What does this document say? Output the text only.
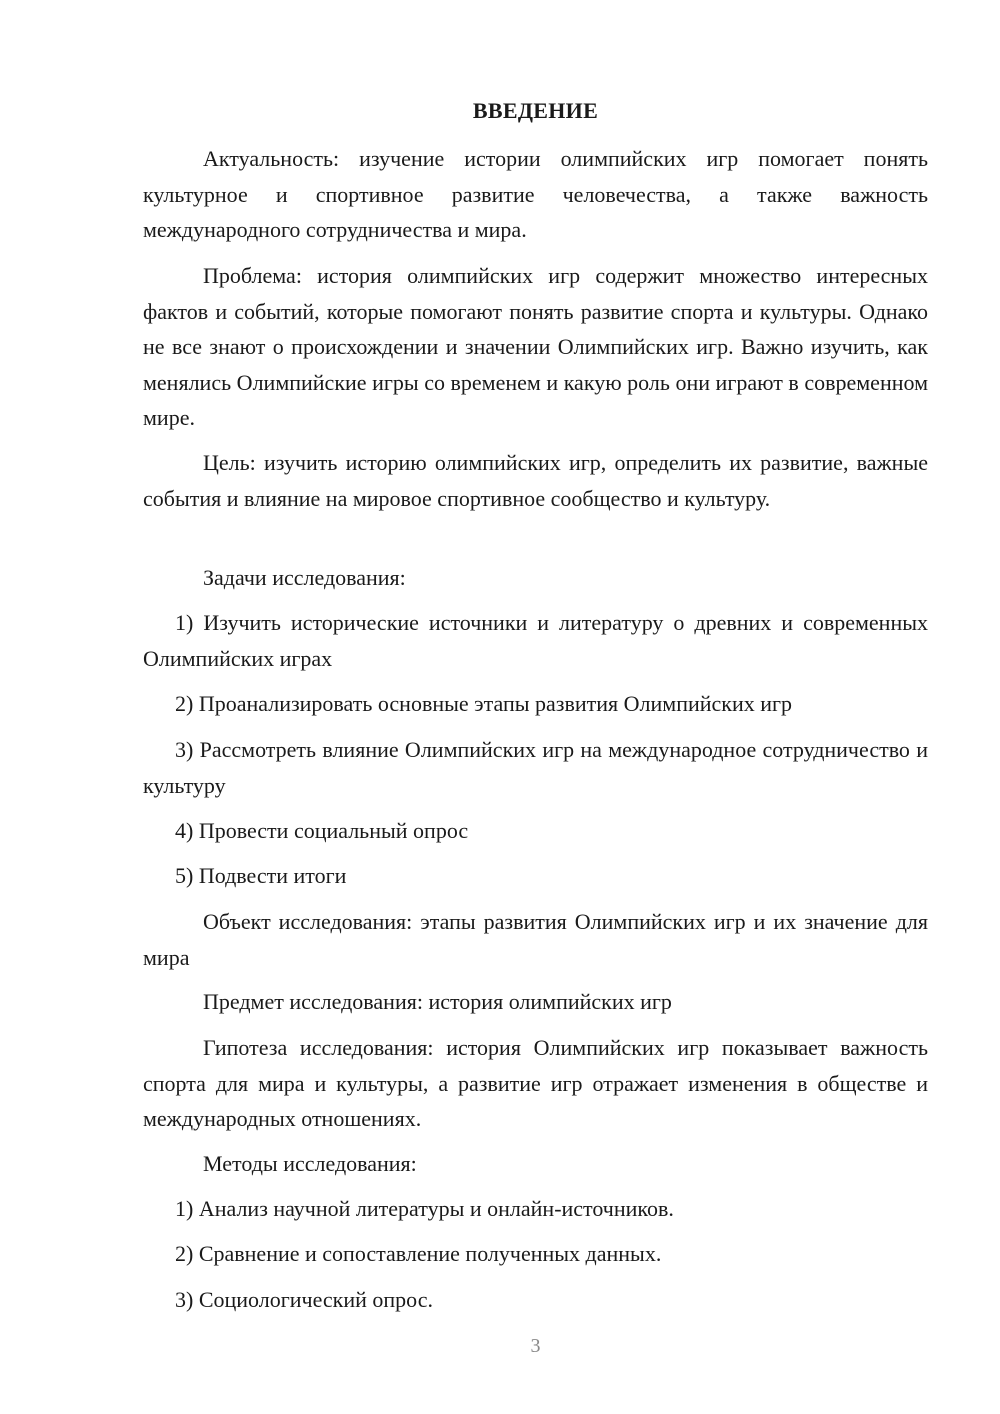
ВВЕДЕНИЕ

Актуальность: изучение истории олимпийских игр помогает понять культурное и спортивное развитие человечества, а также важность международного сотрудничества и мира.

Проблема: история олимпийских игр содержит множество интересных фактов и событий, которые помогают понять развитие спорта и культуры. Однако не все знают о происхождении и значении Олимпийских игр. Важно изучить, как менялись Олимпийские игры со временем и какую роль они играют в современном мире.

Цель: изучить историю олимпийских игр, определить их развитие, важные события и влияние на мировое спортивное сообщество и культуру.

Задачи исследования:

1) Изучить исторические источники и литературу о древних и современных Олимпийских играх

2) Проанализировать основные этапы развития Олимпийских игр

3) Рассмотреть влияние Олимпийских игр на международное сотрудничество и культуру

4) Провести социальный опрос

5) Подвести итоги

Объект исследования: этапы развития Олимпийских игр и их значение для мира

Предмет исследования: история олимпийских игр

Гипотеза исследования: история Олимпийских игр показывает важность спорта для мира и культуры, а развитие игр отражает изменения в обществе и международных отношениях.

Методы исследования:

1) Анализ научной литературы и онлайн-источников.

2) Сравнение и сопоставление полученных данных.

3) Социологический опрос.

3
